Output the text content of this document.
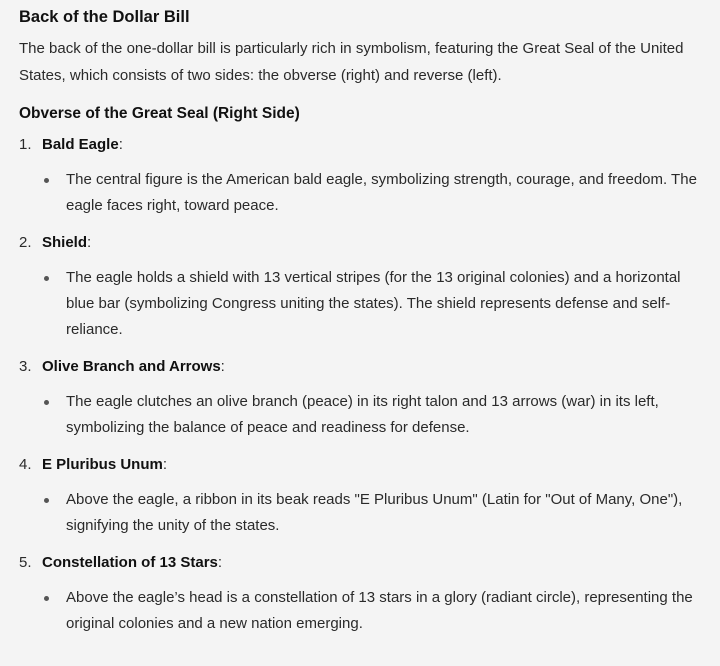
Back of the Dollar Bill

The back of the one-dollar bill is particularly rich in symbolism, featuring the Great Seal of the United States, which consists of two sides: the obverse (right) and reverse (left).

Obverse of the Great Seal (Right Side)
1. Bald Eagle :
The central figure is the American bald eagle, symbolizing strength, courage, and freedom. The eagle faces right, toward peace.
2. Shield :
The eagle holds a shield with 13 vertical stripes (for the 13 original colonies) and a horizontal blue bar (symbolizing Congress uniting the states). The shield represents defense and self-reliance.
3. Olive Branch and Arrows :
The eagle clutches an olive branch (peace) in its right talon and 13 arrows (war) in its left, symbolizing the balance of peace and readiness for defense.
4. E Pluribus Unum :
Above the eagle, a ribbon in its beak reads "E Pluribus Unum" (Latin for "Out of Many, One"), signifying the unity of the states.
5. Constellation of 13 Stars :
Above the eagle’s head is a constellation of 13 stars in a glory (radiant circle), representing the original colonies and a new nation emerging.
